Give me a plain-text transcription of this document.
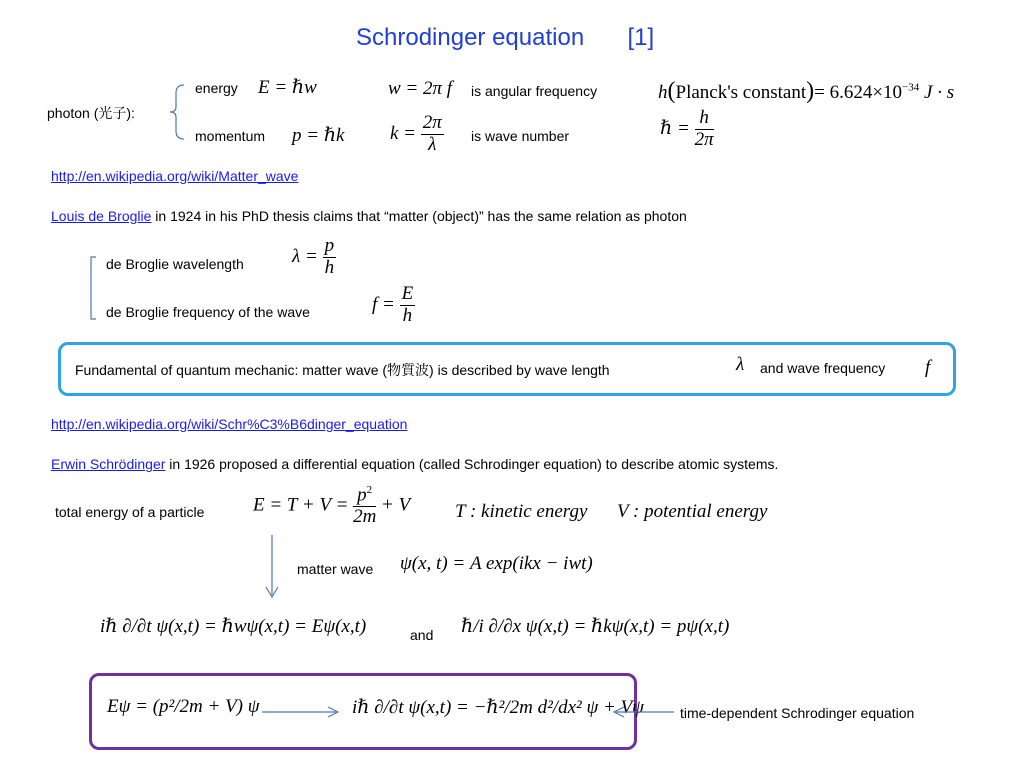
Schrodinger equation [1]
photon (光子):
energy E = ℏw	w = 2π f is angular frequency	h(Planck's constant)= $6.624\times 10^{-34}$ J · s
momentum p = ℏk $k = \frac{2\pi}{\lambda}$ is wave number	ℏ = $\frac{h}{2\pi}$
http://en.wikipedia.org/wiki/Matter_wave
Louis de Broglie in 1924 in his PhD thesis claims that “matter (object)” has the same relation as photon
de Broglie wavelength	$\lambda = \frac{p}{h}$
de Broglie frequency of the wave	$f = \frac{E}{h}$
Fundamental of quantum mechanic: matter wave (物質波) is described by wave length	λ and wave frequency f
http://en.wikipedia.org/wiki/Schr%C3%B6dinger_equation
Erwin Schrödinger in 1926 proposed a differential equation (called Schrodinger equation) to describe atomic systems.
total energy of a particle	$E = T + V = \frac{p^2}{2m} + V$ T : kinetic energy V : potential energy
matter wave ψ(x, t) = A exp(ikx − iwt)
iℏ ∂/∂t ψ(x,t) = ℏwψ(x,t) = Eψ(x,t)	and ℏ/i ∂/∂x ψ(x,t) = ℏkψ(x,t) = pψ(x,t)
Eψ = (p²/2m + V) ψ	iℏ ∂/∂t ψ(x,t) = −ℏ²/2m d²/dx² ψ + Vψ	time-dependent Schrodinger equation
